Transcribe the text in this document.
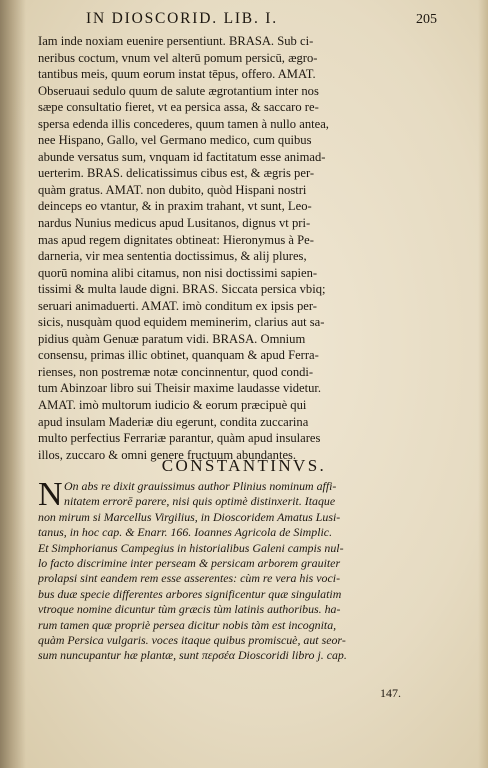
IN DIOSCORID. LIB. I.	205
Iam inde noxiam euenire persentiunt. BRASA. Sub ci-
neribus coctum, vnum vel alterū pomum persicū, ægro-
tantibus meis, quum eorum instat tēpus, offero. AMAT.
Obseruaui sedulo quum de salute ægrotantium inter nos
sæpe consultatio fieret, vt ea persica assa, & saccaro re-
spersa edenda illis concederes, quum tamen à nullo antea,
nee Hispano, Gallo, vel Germano medico, cum quibus
abunde versatus sum, vnquam id factitatum esse animad-
uerterim. BRAS. delicatissimus cibus est, & ægris per-
quàm gratus. AMAT. non dubito, quòd Hispani nostri
deinceps eo vtantur, & in praxim trahant, vt sunt, Leo-
nardus Nunius medicus apud Lusitanos, dignus vt pri-
mas apud regem dignitates obtineat: Hieronymus à Pe-
darneria, vir mea sententia doctissimus, & alij plures,
quorū nomina alibi citamus, non nisi doctissimi sapien-
tissimi & multa laude digni. BRAS. Siccata persica vbiq;
seruari animaduerti. AMAT. imò conditum ex ipsis per-
sicis, nusquàm quod equidem meminerim, clarius aut sa-
pidius quàm Genuæ paratum vidi. BRASA. Omnium
consensu, primas illic obtinet, quanquam & apud Ferra-
rienses, non postremæ notæ concinnentur, quod condi-
tum Abinzoar libro sui Theisir maxime laudasse videtur.
AMAT. imò multorum iudicio & eorum præcipuè qui
apud insulam Maderiæ diu egerunt, condita zuccarina
multo perfectius Ferrariæ parantur, quàm apud insulares
illos, zuccaro & omni genere fructuum abundantes.
CONSTANTINVS.
N On abs re dixit grauissimus author Plinius nominum affi-
nitatem errorē parere, nisi quis optimè distinxerit. Itaque
non mirum si Marcellus Virgilius, in Dioscoridem Amatus Lusi-
tanus, in hoc cap. & Enarr. 166. Ioannes Agricola de Simplic.
Et Simphorianus Campegius in historialibus Galeni campis nul-
lo facto discrimine inter perseam & persicam arborem grauiter
prolapsi sint eandem rem esse asserentes: cùm re vera his voci-
bus duæ specie differentes arbores significentur quæ singulatim
vtroque nomine dicuntur tùm græcis tùm latinis authoribus. ha-
rum tamen quæ propriè persea dicitur nobis tàm est incognita,
quàm Persica vulgaris. voces itaque quibus promiscuè, aut seor-
sum nuncupantur hæ plantæ, sunt περσέα Dioscoridi libro j. cap.
147.
